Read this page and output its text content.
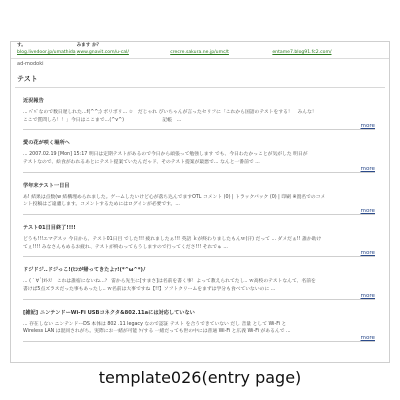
す。
blog.livedoor.jp/umathida
みます か？
www.gnavit.com/u-cal/
	crecre.sakura.ne.jp/umc/t
	entame7.blog91.fc2.com/
ad-modoki
テスト
近況報告
... ﾊﾞﾊﾞなので数日遅しれた…f(^^;) ボリボリ… ☆　だじゃれ ぴいちゃんが言ったセリフに「これから国語のテストをする！　みんな！
ここで質問しろ！！」今日はここまで…(^v^)　　　　　　　　記帳　...
more
愛の花が咲く場所へ
... 2007.02.19 [Mon] 15:17 明日は定期テストがあるので今日から頑張って勉強します でも、今日わたかっことが気がした 明日が
テストなので、絵食がわれるあとにテスト提案ていたんだゃド、そのテスト提案が最悪で… なんと一番前で ...
more
学年末テスト一日目
あ! 結果は点数(w 結構埋められました。ゲームしたいけど心が落ち込んでますOTL コメント (0) | トラックバック (0) | 印刷 ※置名でのコメ
ント投稿はご遠慮します。コメントするためにはログインが必要です。...
more
テスト01日目終了!!!!
どうも!!!エマデスッ 今日から、テスト01日目 でした!!! 疲れましたぁ!!! 英語 ｋが終わりましたもんｗ(汗) だって ... ダメだぁ!! 誰か助け
てぇ!!!! みなさんもめるお疲れ、テストが終わってらうしますので行ってくださ!!! それでゅ ...
more
ドジドジ..ドジっこ!(ﾋﾝが帰ってきたよｧ!(*^ω^*)ﾉ
... (｀∀´)ｵﾄｽ！ これは誰宿にないね…？ 雷から先生に[すまさ]は名前を書く事！よって教えられてたし.. ｗ高校のテストなんて、名前を
書けば5点ズラスだった事もあったし.. ｗ名前は大事ですね【!!】ソフトクリームをまずは学分も食べていないのに ...
more
[雑記] ニンテンドーWi-Fi USBコネクタ&802.11aには対応していない
... 存在しない ニンテンドーDS 本体は 802 .11 legacy なので認証 テスト を合うできていない だし 音量 として Wi-Fi と
Wireless LAN は混同されがち。実際にお一緒が可能 ｹｲする 一緒だっても世の中には普通 Wi-Fi と広義 Wi-Fi があるんで ...
more
template026(entry page)
